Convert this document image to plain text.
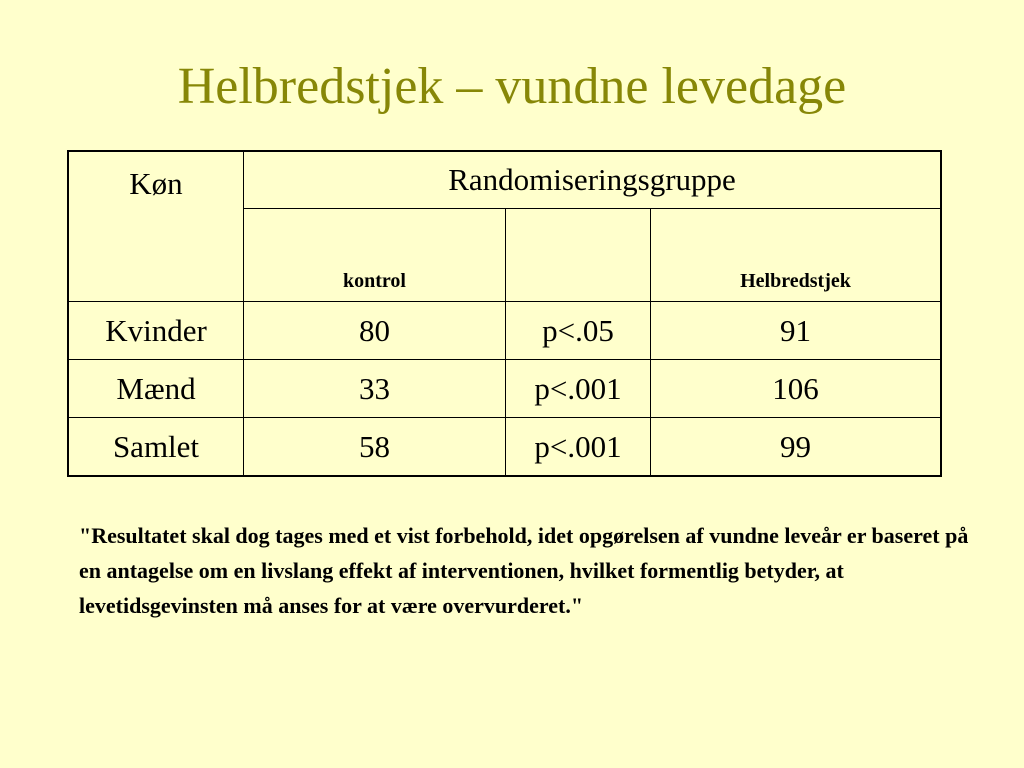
Helbredstjek – vundne levedage
Køn	Randomiseringsgruppe		
	kontrol		Helbredstjek
Kvinder	80	p<.05	91
Mænd	33	p<.001	106
Samlet	58	p<.001	99

"Resultatet skal dog tages med et vist forbehold, idet opgørelsen af vundne leveår er baseret på en antagelse om en livslang effekt af interventionen, hvilket formentlig betyder, at levetidsgevinsten må anses for at være overvurderet."
